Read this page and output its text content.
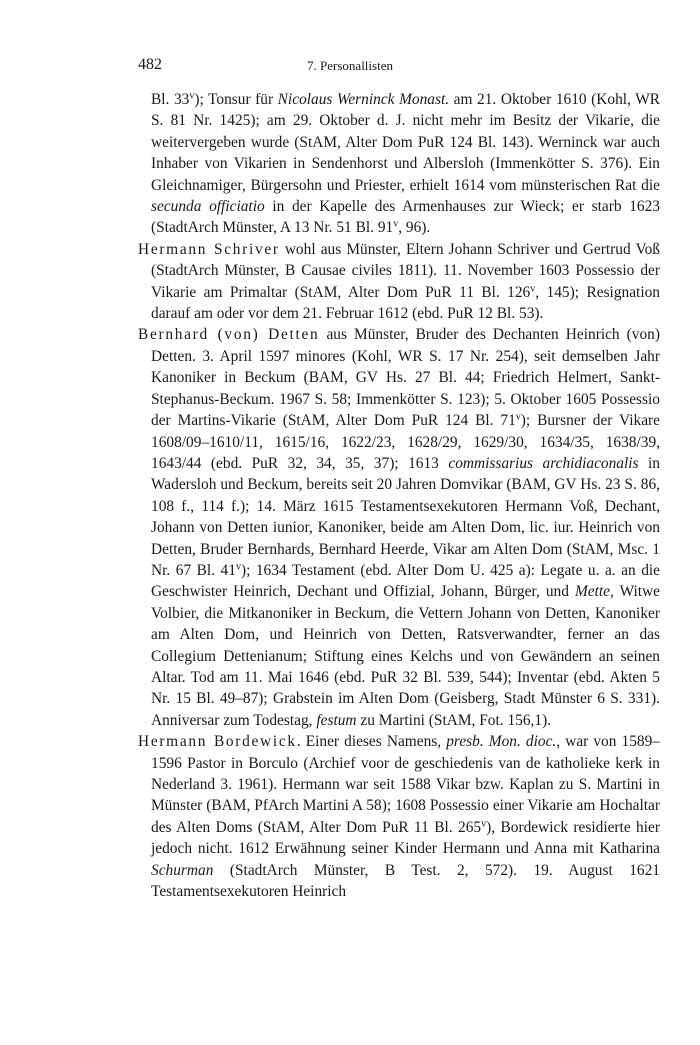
482	7. Personallisten

Bl. 33$^v$); Tonsur für Nicolaus Werninck Monast. am 21. Oktober 1610 (Kohl, WR S. 81 Nr. 1425); am 29. Oktober d. J. nicht mehr im Besitz der Vikarie, die weitervergeben wurde (StAM, Alter Dom PuR 124 Bl. 143). Werninck war auch Inhaber von Vikarien in Sendenhorst und Albersloh (Immenkötter S. 376). Ein Gleichnamiger, Bürgersohn und Priester, erhielt 1614 vom münsterischen Rat die secunda officiatio in der Kapelle des Armenhauses zur Wieck; er starb 1623 (StadtArch Münster, A 13 Nr. 51 Bl. 91$^v$, 96).

Hermann Schriver wohl aus Münster, Eltern Johann Schriver und Gertrud Voß (StadtArch Münster, B Causae civiles 1811). 11. November 1603 Possessio der Vikarie am Primaltar (StAM, Alter Dom PuR 11 Bl. 126$^v$, 145); Resignation darauf am oder vor dem 21. Februar 1612 (ebd. PuR 12 Bl. 53).

Bernhard (von) Detten aus Münster, Bruder des Dechanten Heinrich (von) Detten. 3. April 1597 minores (Kohl, WR S. 17 Nr. 254), seit demselben Jahr Kanoniker in Beckum (BAM, GV Hs. 27 Bl. 44; Friedrich Helmert, Sankt-Stephanus-Beckum. 1967 S. 58; Immenkötter S. 123); 5. Oktober 1605 Possessio der Martins-Vikarie (StAM, Alter Dom PuR 124 Bl. 71$^v$); Bursner der Vikare 1608/09–1610/11, 1615/16, 1622/23, 1628/29, 1629/30, 1634/35, 1638/39, 1643/44 (ebd. PuR 32, 34, 35, 37); 1613 commissarius archidiaconalis in Wadersloh und Beckum, bereits seit 20 Jahren Domvikar (BAM, GV Hs. 23 S. 86, 108 f., 114 f.); 14. März 1615 Testamentsexekutoren Hermann Voß, Dechant, Johann von Detten iunior, Kanoniker, beide am Alten Dom, lic. iur. Heinrich von Detten, Bruder Bernhards, Bernhard Heerde, Vikar am Alten Dom (StAM, Msc. 1 Nr. 67 Bl. 41$^v$); 1634 Testament (ebd. Alter Dom U. 425 a): Legate u. a. an die Geschwister Heinrich, Dechant und Offizial, Johann, Bürger, und Mette, Witwe Volbier, die Mitkanoniker in Beckum, die Vettern Johann von Detten, Kanoniker am Alten Dom, und Heinrich von Detten, Ratsverwandter, ferner an das Collegium Dettenianum; Stiftung eines Kelchs und von Gewändern an seinen Altar. Tod am 11. Mai 1646 (ebd. PuR 32 Bl. 539, 544); Inventar (ebd. Akten 5 Nr. 15 Bl. 49–87); Grabstein im Alten Dom (Geisberg, Stadt Münster 6 S. 331). Anniversar zum Todestag, festum zu Martini (StAM, Fot. 156,1).

Hermann Bordewick. Einer dieses Namens, presb. Mon. dioc., war von 1589–1596 Pastor in Borculo (Archief voor de geschiedenis van de katholieke kerk in Nederland 3. 1961). Hermann war seit 1588 Vikar bzw. Kaplan zu S. Martini in Münster (BAM, PfArch Martini A 58); 1608 Possessio einer Vikarie am Hochaltar des Alten Doms (StAM, Alter Dom PuR 11 Bl. 265$^v$), Bordewick residierte hier jedoch nicht. 1612 Erwähnung seiner Kinder Hermann und Anna mit Katharina Schurman (StadtArch Münster, B Test. 2, 572). 19. August 1621 Testamentsexekutoren Heinrich
